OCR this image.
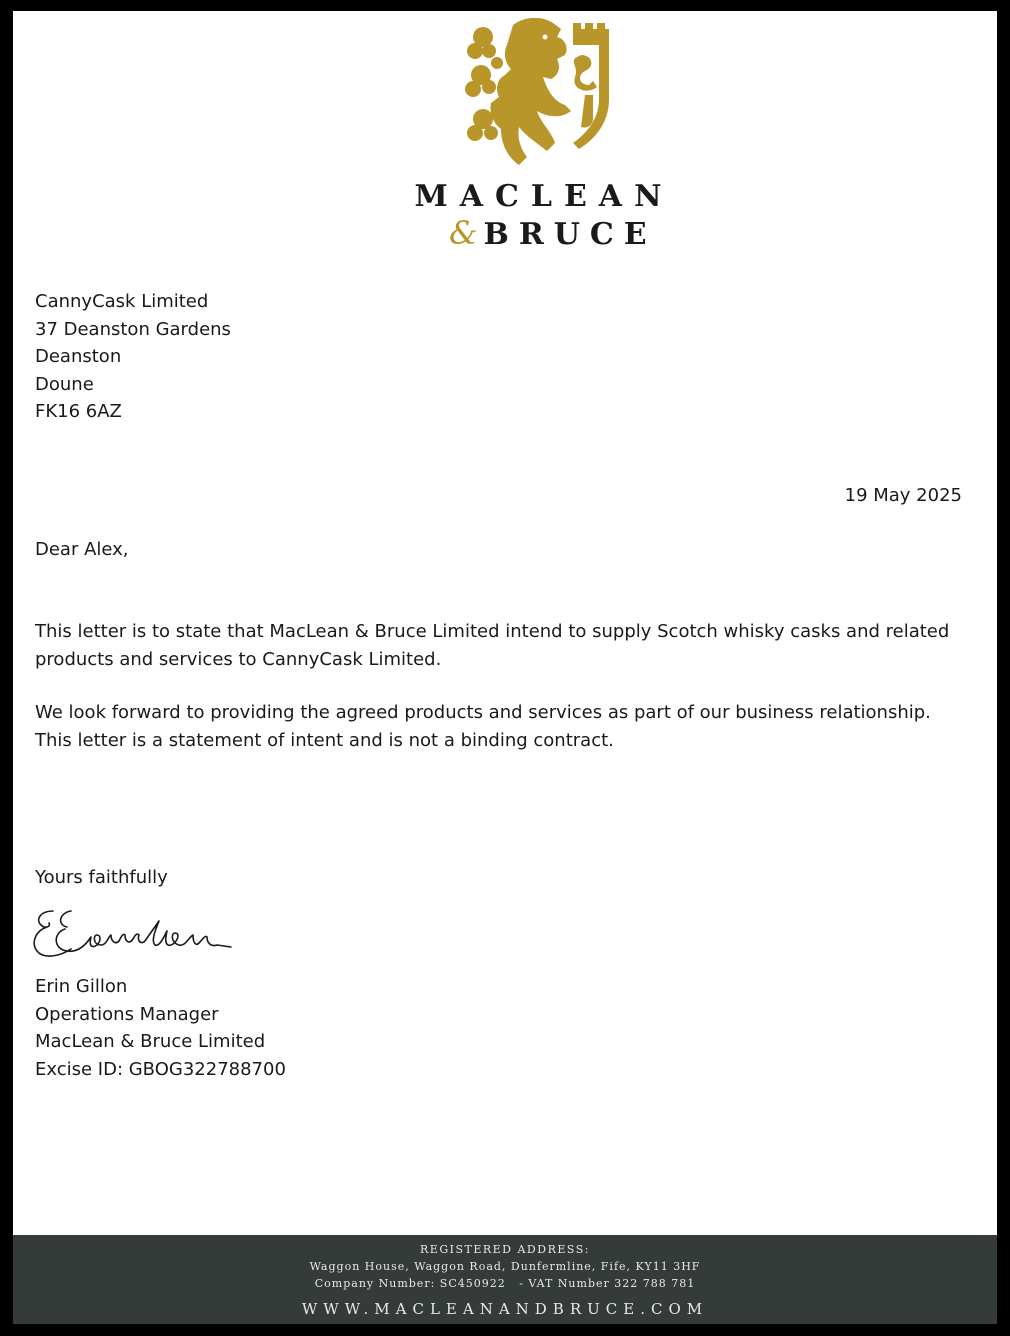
MACLEAN
& BRUCE
CannyCask Limited
37 Deanston Gardens
Deanston
Doune
FK16 6AZ
19 May 2025
Dear Alex,
This letter is to state that MacLean & Bruce Limited intend to supply Scotch whisky casks and related products and services to CannyCask Limited.
We look forward to providing the agreed products and services as part of our business relationship. This letter is a statement of intent and is not a binding contract.
Yours faithfully
Erin Gillon
Operations Manager
MacLean & Bruce Limited
Excise ID: GBOG322788700
REGISTERED ADDRESS:
Waggon House, Waggon Road, Dunfermline, Fife, KY11 3HF
Company Number: SC450922   - VAT Number 322 788 781
WWW.MACLEANANDBRUCE.COM
